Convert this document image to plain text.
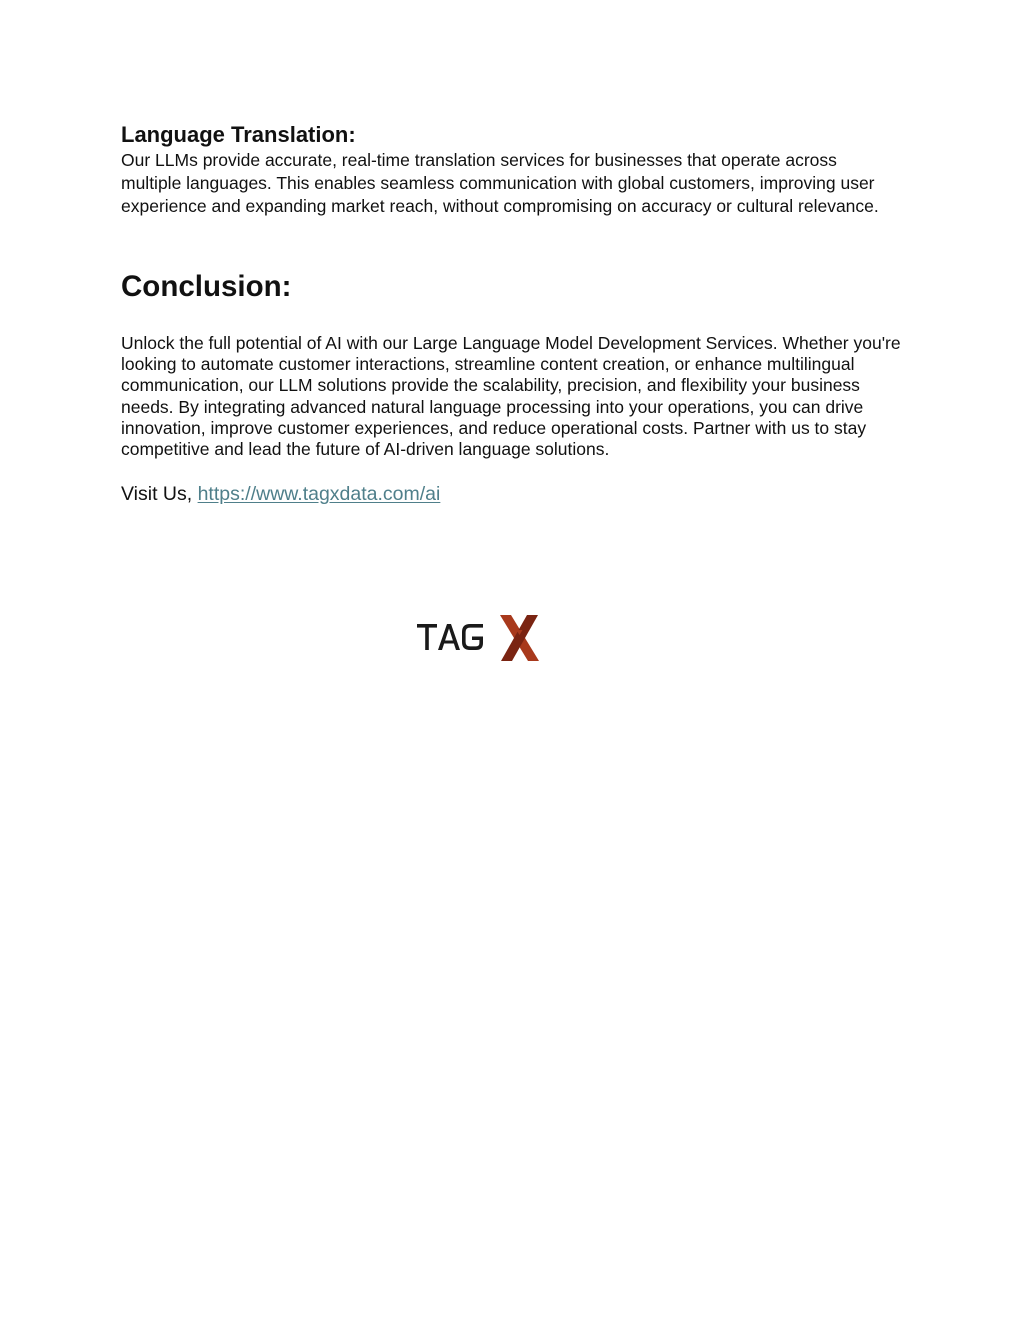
Language Translation:

Our LLMs provide accurate, real-time translation services for businesses that operate across multiple languages. This enables seamless communication with global customers, improving user experience and expanding market reach, without compromising on accuracy or cultural relevance.

Conclusion:

Unlock the full potential of AI with our Large Language Model Development Services. Whether you're looking to automate customer interactions, streamline content creation, or enhance multilingual communication, our LLM solutions provide the scalability, precision, and flexibility your business needs. By integrating advanced natural language processing into your operations, you can drive innovation, improve customer experiences, and reduce operational costs. Partner with us to stay competitive and lead the future of AI-driven language solutions.

Visit Us, https://www.tagxdata.com/ai
